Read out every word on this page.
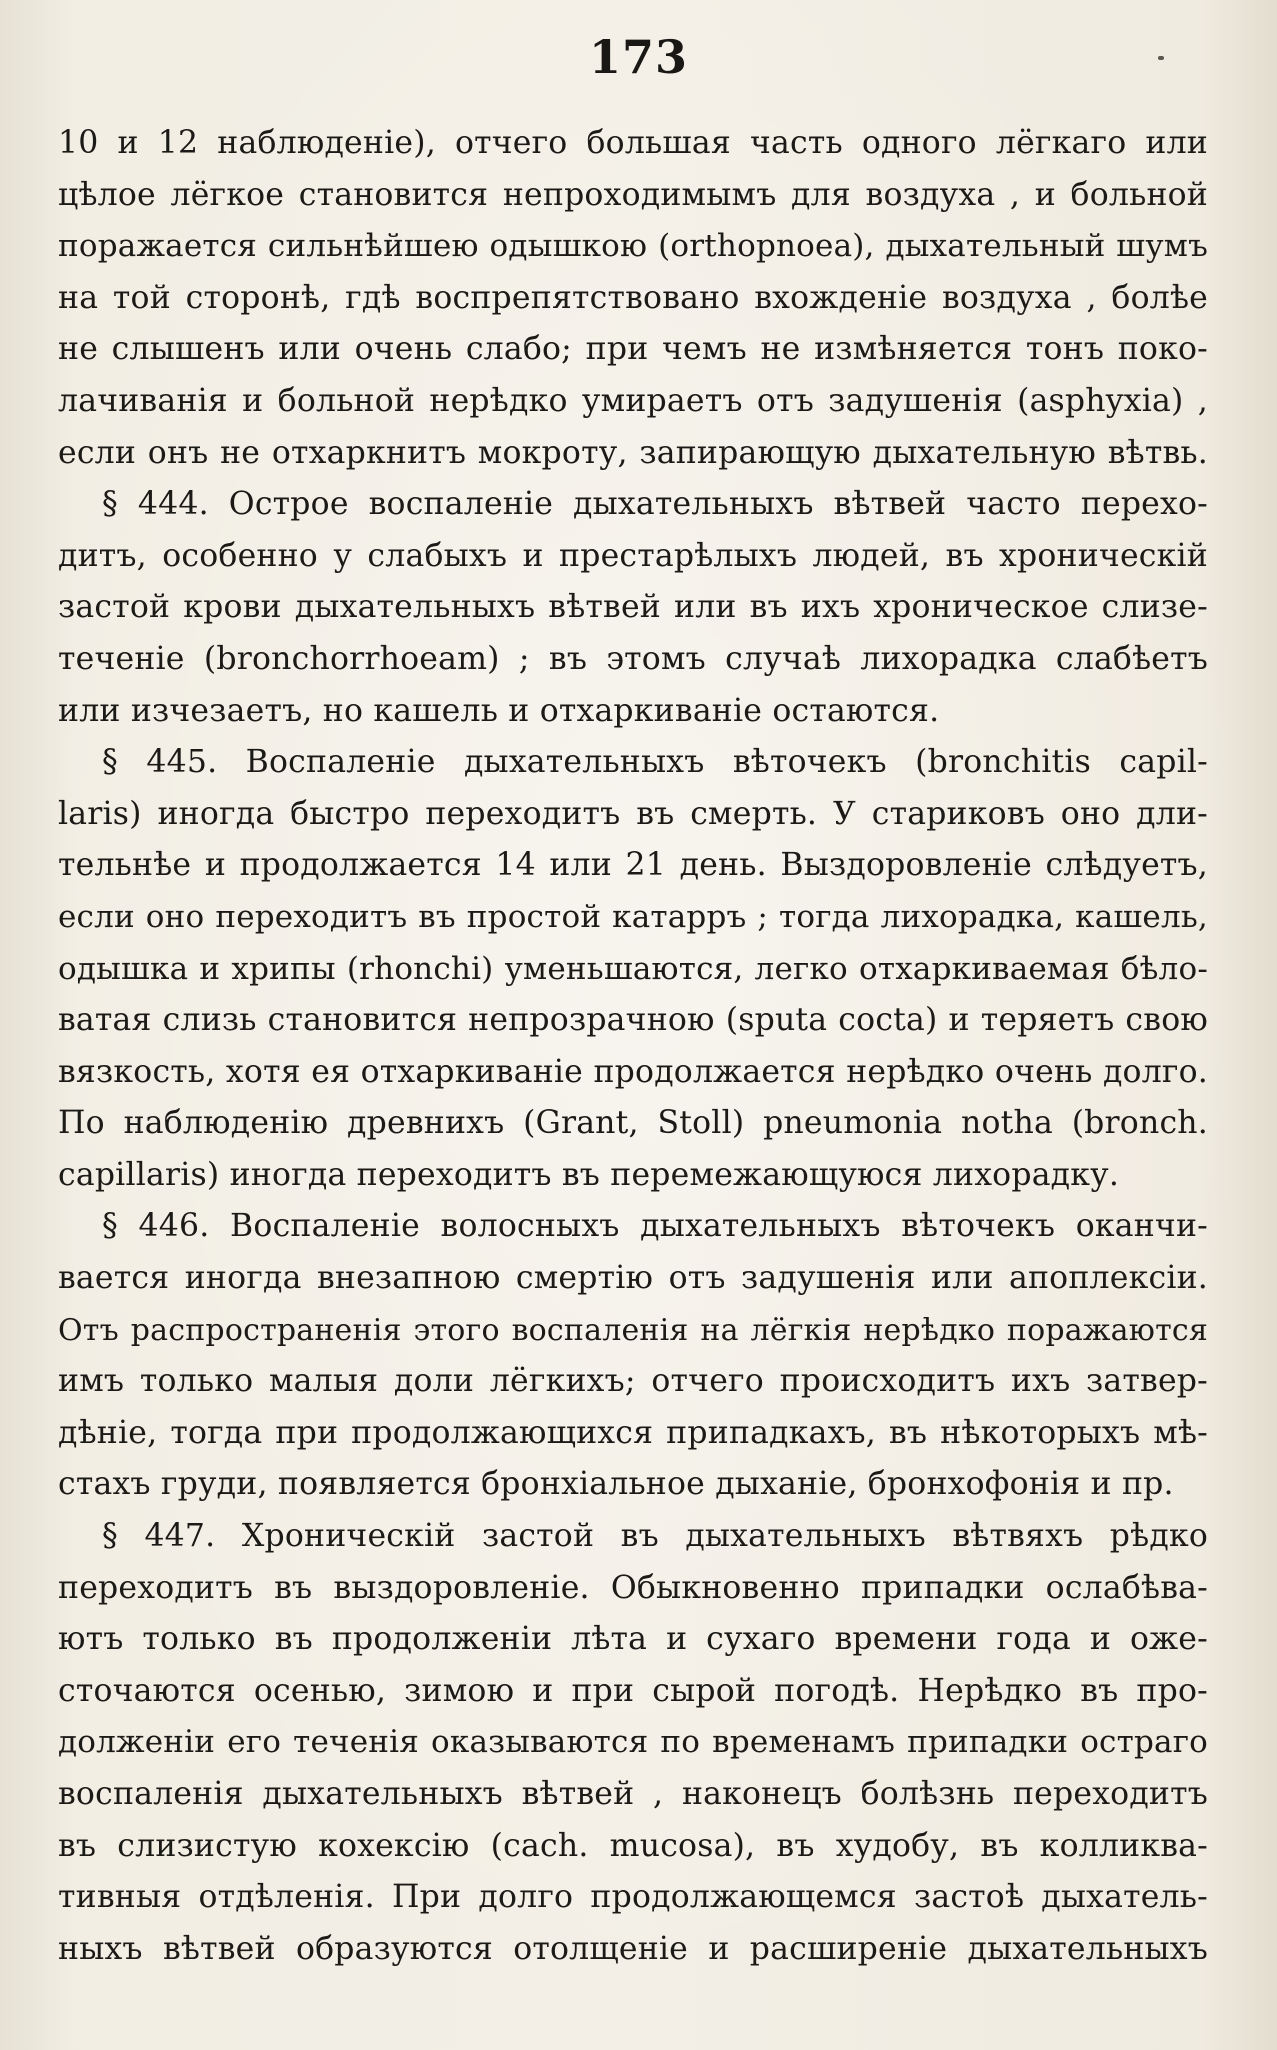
173
10 и 12 наблюденіе), отчего большая часть одного лёгкаго или
цѣлое лёгкое становится непроходимымъ для воздуха , и больной
поражается сильнѣйшею одышкою (orthopnoea), дыхательный шумъ
на той сторонѣ, гдѣ воспрепятствовано вхожденіе воздуха , болѣе
не слышенъ или очень слабо; при чемъ не измѣняется тонъ поко-
лачиванія и больной нерѣдко умираетъ отъ задушенія (asphyxia) ,
если онъ не отхаркнитъ мокроту, запирающую дыхательную вѣтвь.
§ 444. Острое воспаленіе дыхательныхъ вѣтвей часто перехо-
дитъ, особенно у слабыхъ и престарѣлыхъ людей, въ хроническій
застой крови дыхательныхъ вѣтвей или въ ихъ хроническое слизе-
теченіе (bronchorrhoeam) ; въ этомъ случаѣ лихорадка слабѣетъ
или изчезаетъ, но кашель и отхаркиваніе остаются.
§ 445. Воспаленіе дыхательныхъ вѣточекъ (bronchitis capil-
laris) иногда быстро переходитъ въ смерть. У стариковъ оно дли-
тельнѣе и продолжается 14 или 21 день. Выздоровленіе слѣдуетъ,
если оно переходитъ въ простой катарръ ; тогда лихорадка, кашель,
одышка и хрипы (rhonchi) уменьшаются, легко отхаркиваемая бѣло-
ватая слизь становится непрозрачною (sputa cocta) и теряетъ свою
вязкость, хотя ея отхаркиваніе продолжается нерѣдко очень долго.
По наблюденію древнихъ (Grant, Stoll) pneumonia notha (bronch.
capillaris) иногда переходитъ въ перемежающуюся лихорадку.
§ 446. Воспаленіе волосныхъ дыхательныхъ вѣточекъ оканчи-
вается иногда внезапною смертію отъ задушенія или апоплексіи.
Отъ распространенія этого воспаленія на лёгкія нерѣдко поражаются
имъ только малыя доли лёгкихъ; отчего происходитъ ихъ затвер-
дѣніе, тогда при продолжающихся припадкахъ, въ нѣкоторыхъ мѣ-
стахъ груди, появляется бронхіальное дыханіе, бронхофонія и пр.
§ 447. Хроническій застой въ дыхательныхъ вѣтвяхъ рѣдко
переходитъ въ выздоровленіе. Обыкновенно припадки ослабѣва-
ютъ только въ продолженіи лѣта и сухаго времени года и оже-
сточаются осенью, зимою и при сырой погодѣ. Нерѣдко въ про-
долженіи его теченія оказываются по временамъ припадки остраго
воспаленія дыхательныхъ вѣтвей , наконецъ болѣзнь переходитъ
въ слизистую кохексію (cach. mucosa), въ худобу, въ колликва-
тивныя отдѣленія. При долго продолжающемся застоѣ дыхатель-
ныхъ вѣтвей образуются отолщеніе и расширеніе дыхательныхъ
